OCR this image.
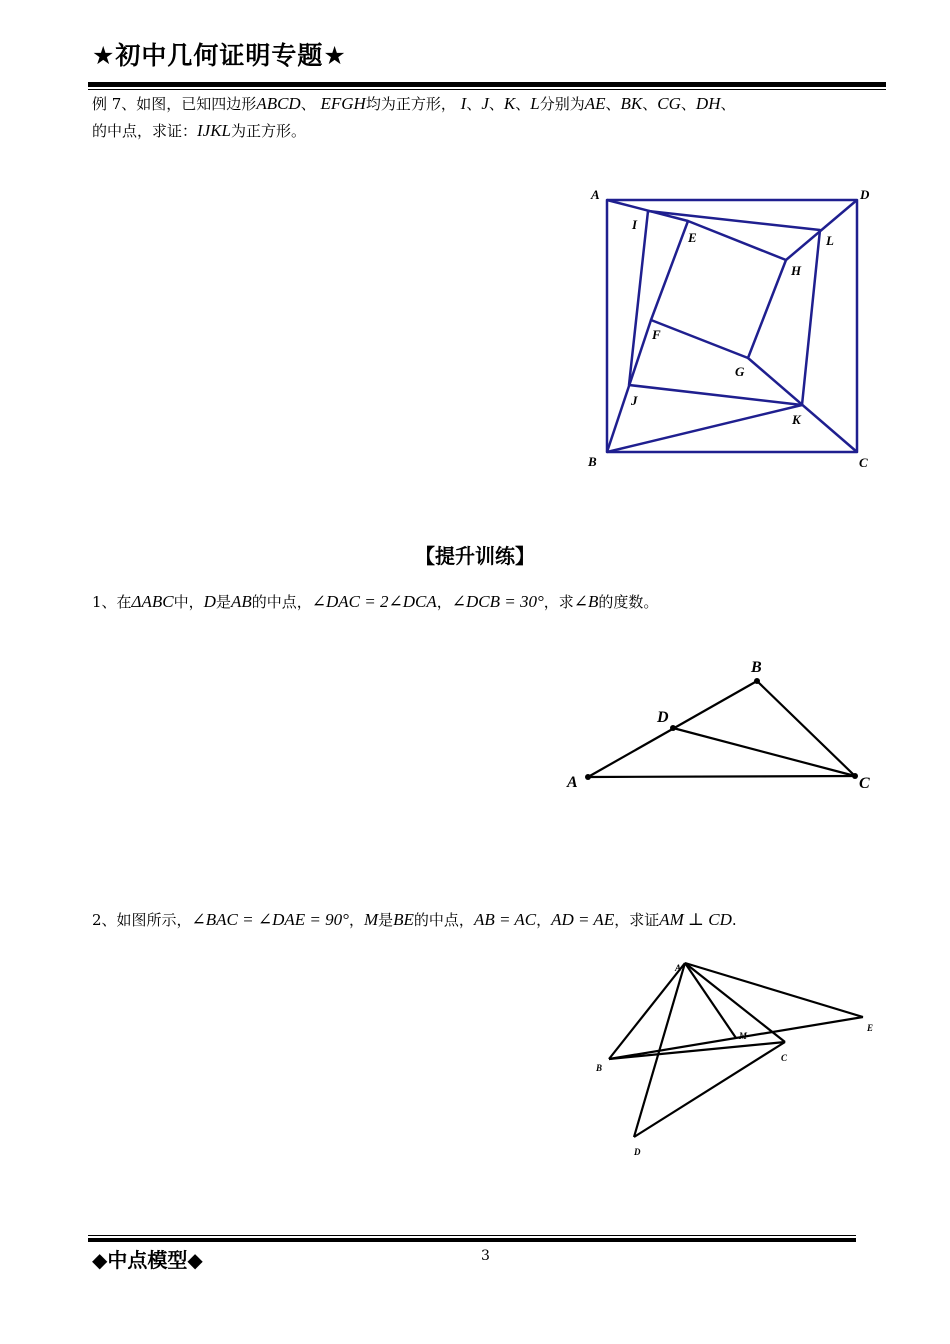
★初中几何证明专题★
例 7、如图，已知四边形ABCD、 EFGH均为正方形， I、J、K、L分别为AE、BK、CG、DH、
的中点，求证：IJKL为正方形。
A	D
B	C
I
E	L
H
F
G
J
K
【提升训练】
1、在ΔABC中，D是AB的中点，∠DAC = 2∠DCA，∠DCB = 30°，求∠B的度数。
A
B
C
D
2、如图所示，∠BAC = ∠DAE = 90°，M是BE的中点，AB = AC，AD = AE，求证AM ⊥ CD.
A
B
C
D
E
M
◆中点模型◆	3
